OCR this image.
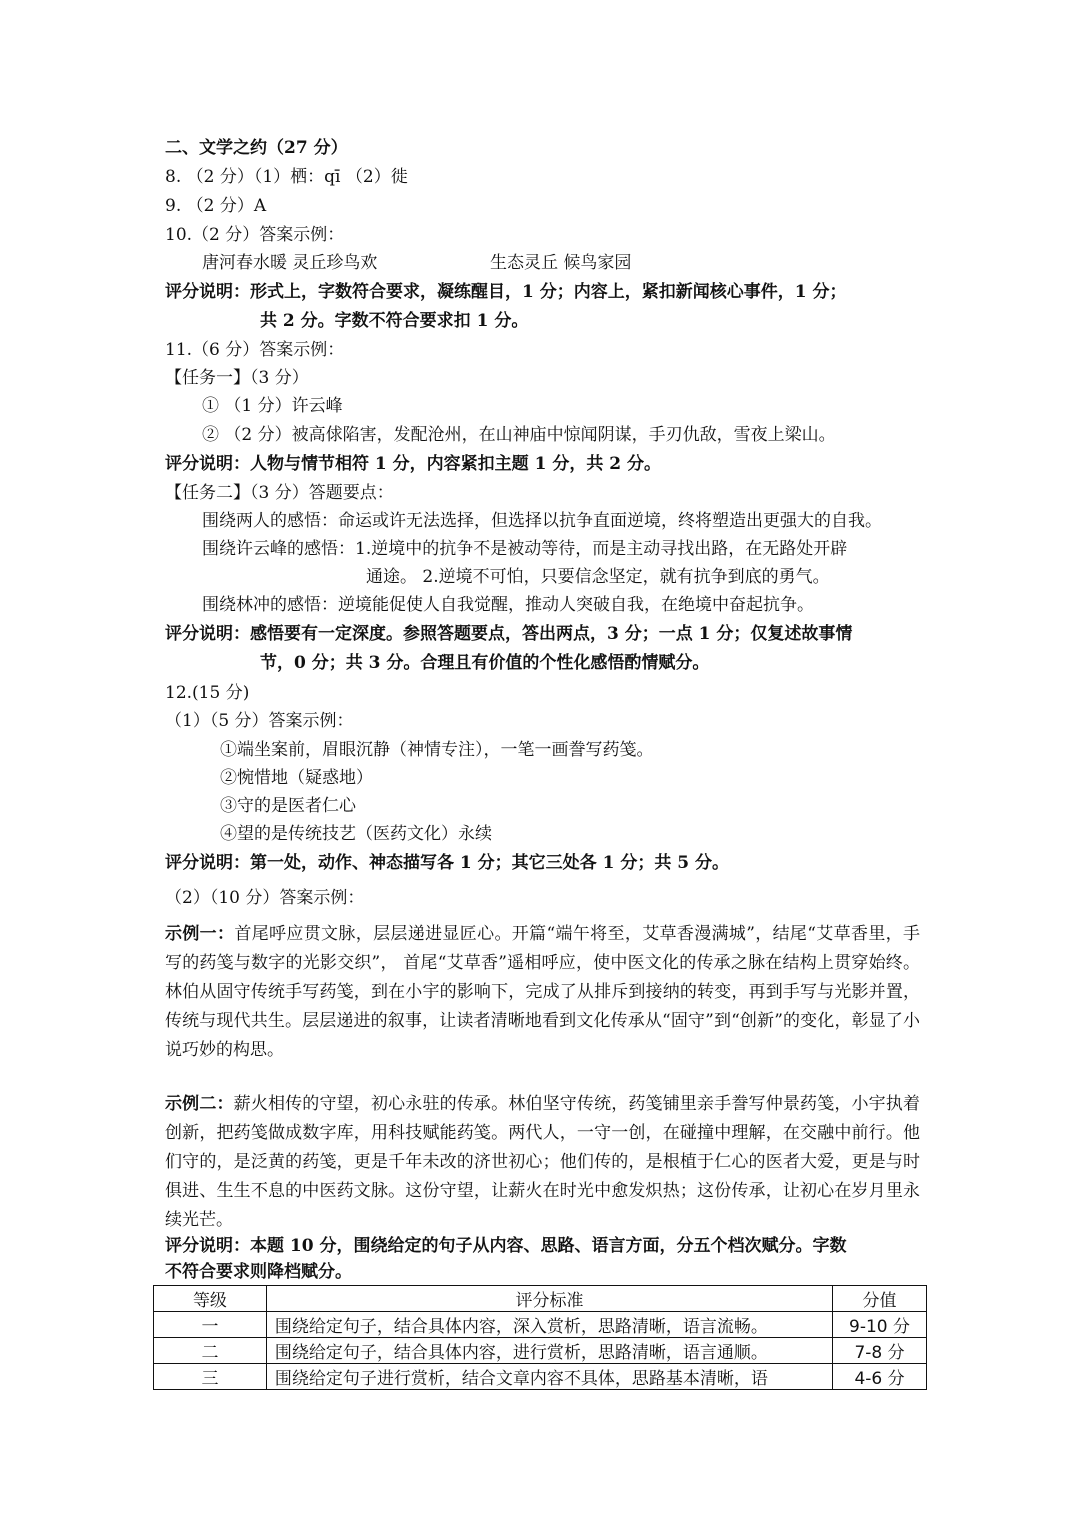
二、文学之约（27 分）
8. （2 分）（1）栖：qī （2）徙
9. （2 分）A
10.（2 分）答案示例：
唐河春水暖 灵丘珍鸟欢	生态灵丘 候鸟家园
评分说明：形式上，字数符合要求，凝练醒目，1 分；内容上，紧扣新闻核心事件，1 分；
共 2 分。字数不符合要求扣 1 分。
11.（6 分）答案示例：
【任务一】（3 分）
① （1 分）许云峰
② （2 分）被高俅陷害，发配沧州，在山神庙中惊闻阴谋，手刃仇敌，雪夜上梁山。
评分说明：人物与情节相符 1 分，内容紧扣主题 1 分，共 2 分。
【任务二】（3 分）答题要点：
围绕两人的感悟：命运或许无法选择，但选择以抗争直面逆境，终将塑造出更强大的自我。
围绕许云峰的感悟：1.逆境中的抗争不是被动等待，而是主动寻找出路，在无路处开辟
通途。 2.逆境不可怕，只要信念坚定，就有抗争到底的勇气。
围绕林冲的感悟：逆境能促使人自我觉醒，推动人突破自我，在绝境中奋起抗争。
评分说明：感悟要有一定深度。参照答题要点，答出两点，3 分；一点 1 分；仅复述故事情
节，0 分；共 3 分。合理且有价值的个性化感悟酌情赋分。
12.(15 分)
（1）（5 分）答案示例：
①端坐案前，眉眼沉静（神情专注），一笔一画誊写药笺。
②惋惜地（疑惑地）
③守的是医者仁心
④望的是传统技艺（医药文化）永续
评分说明：第一处，动作、神态描写各 1 分；其它三处各 1 分；共 5 分。
（2）（10 分）答案示例：
示例一：首尾呼应贯文脉，层层递进显匠心。开篇“端午将至，艾草香漫满城”，结尾“艾草香里，手写的药笺与数字的光影交织”， 首尾“艾草香”遥相呼应，使中医文化的传承之脉在结构上贯穿始终。林伯从固守传统手写药笺，到在小宇的影响下，完成了从排斥到接纳的转变，再到手写与光影并置，传统与现代共生。层层递进的叙事，让读者清晰地看到文化传承从“固守”到“创新”的变化，彰显了小说巧妙的构思。
示例二：薪火相传的守望，初心永驻的传承。林伯坚守传统，药笺铺里亲手誊写仲景药笺，小宇执着创新，把药笺做成数字库，用科技赋能药笺。两代人，一守一创，在碰撞中理解，在交融中前行。他们守的，是泛黄的药笺，更是千年未改的济世初心；他们传的，是根植于仁心的医者大爱，更是与时俱进、生生不息的中医药文脉。这份守望，让薪火在时光中愈发炽热；这份传承，让初心在岁月里永续光芒。
评分说明：本题 10 分，围绕给定的句子从内容、思路、语言方面，分五个档次赋分。字数
不符合要求则降档赋分。
等级	评分标准	分值
一	围绕给定句子，结合具体内容，深入赏析，思路清晰，语言流畅。	9-10 分
二	围绕给定句子，结合具体内容，进行赏析，思路清晰，语言通顺。	7-8 分
三	围绕给定句子进行赏析，结合文章内容不具体，思路基本清晰，语	4-6 分
